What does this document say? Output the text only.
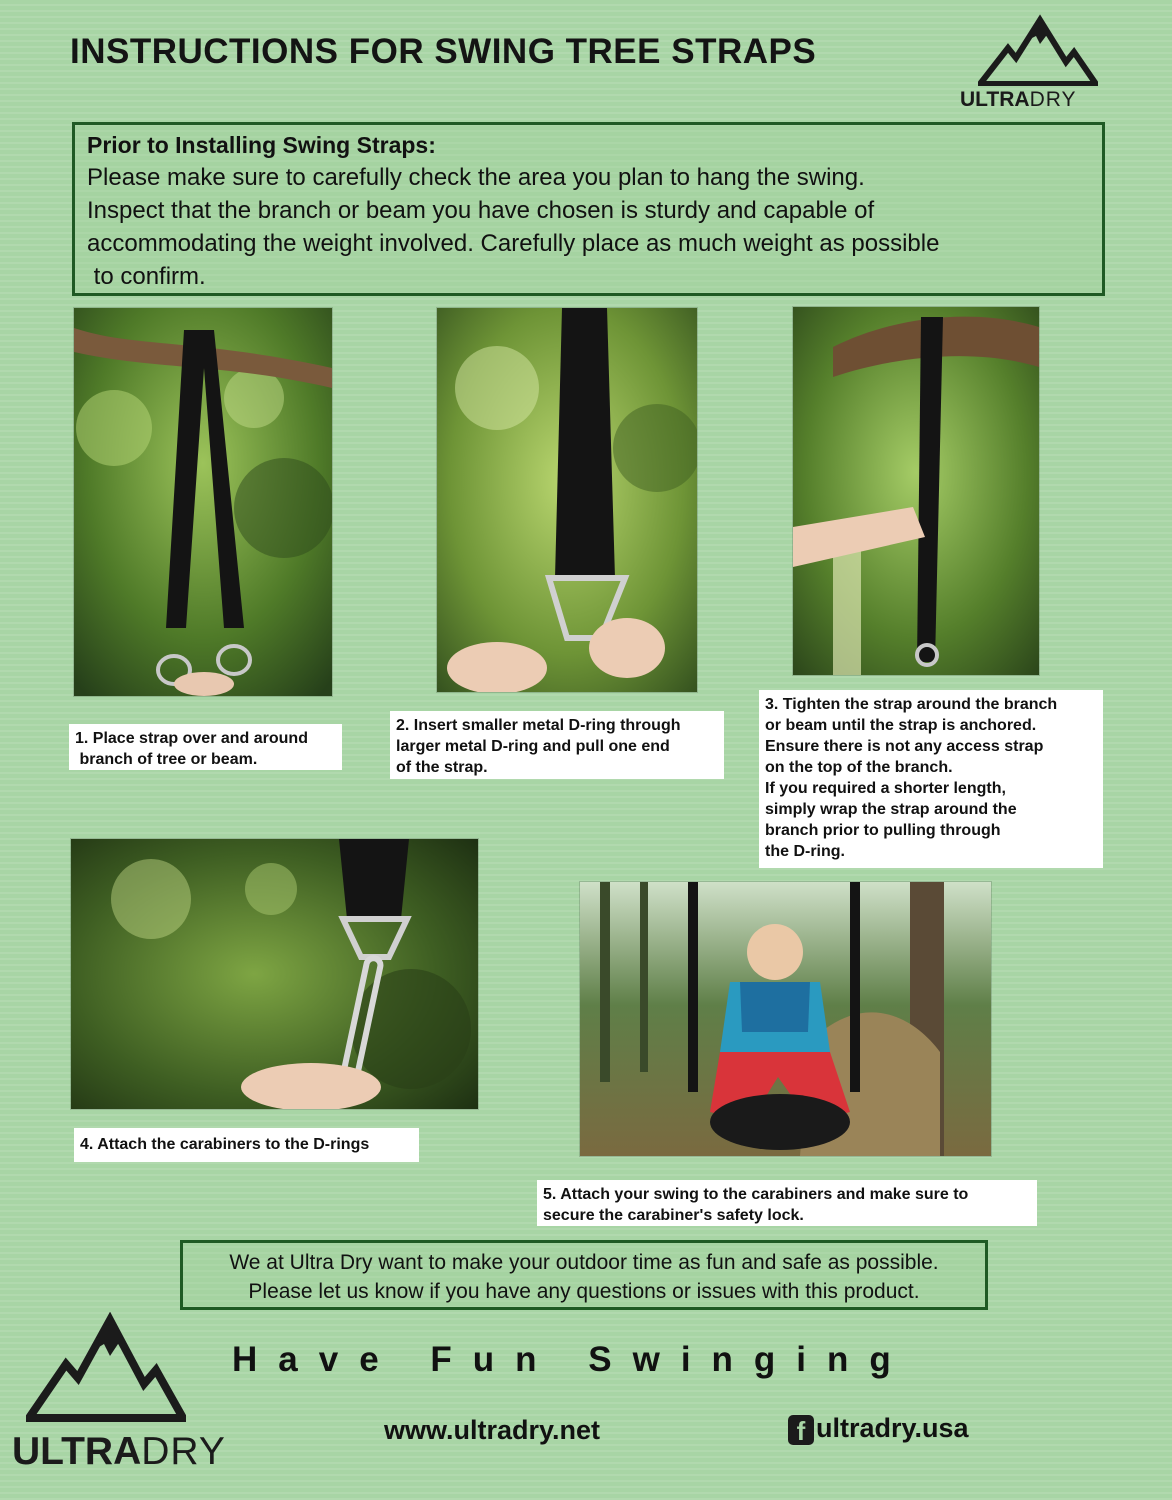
INSTRUCTIONS FOR SWING TREE STRAPS
ULTRADRY
Prior to Installing Swing Straps:
Please make sure to carefully check the area you plan to hang the swing.
Inspect that the branch or beam you have chosen is sturdy and capable of
accommodating the weight involved. Carefully place as much weight as possible
to confirm.
1. Place strap over and around
branch of tree or beam.
2. Insert smaller metal D-ring through
larger metal D-ring and pull one end
of the strap.
3. Tighten the strap around the branch
or beam until the strap is anchored.
Ensure there is not any access strap
on the top of the branch.
If you required a shorter length,
simply wrap the strap around the
branch prior to pulling through
the D-ring.
4. Attach the carabiners to the D-rings
5. Attach your swing to the carabiners and make sure to
secure the carabiner's safety lock.
We at Ultra Dry want to make your outdoor time as fun and safe as possible.
Please let us know if you have any questions or issues with this product.
ULTRADRY
Have Fun Swinging
www.ultradry.net	f ultradry.usa
